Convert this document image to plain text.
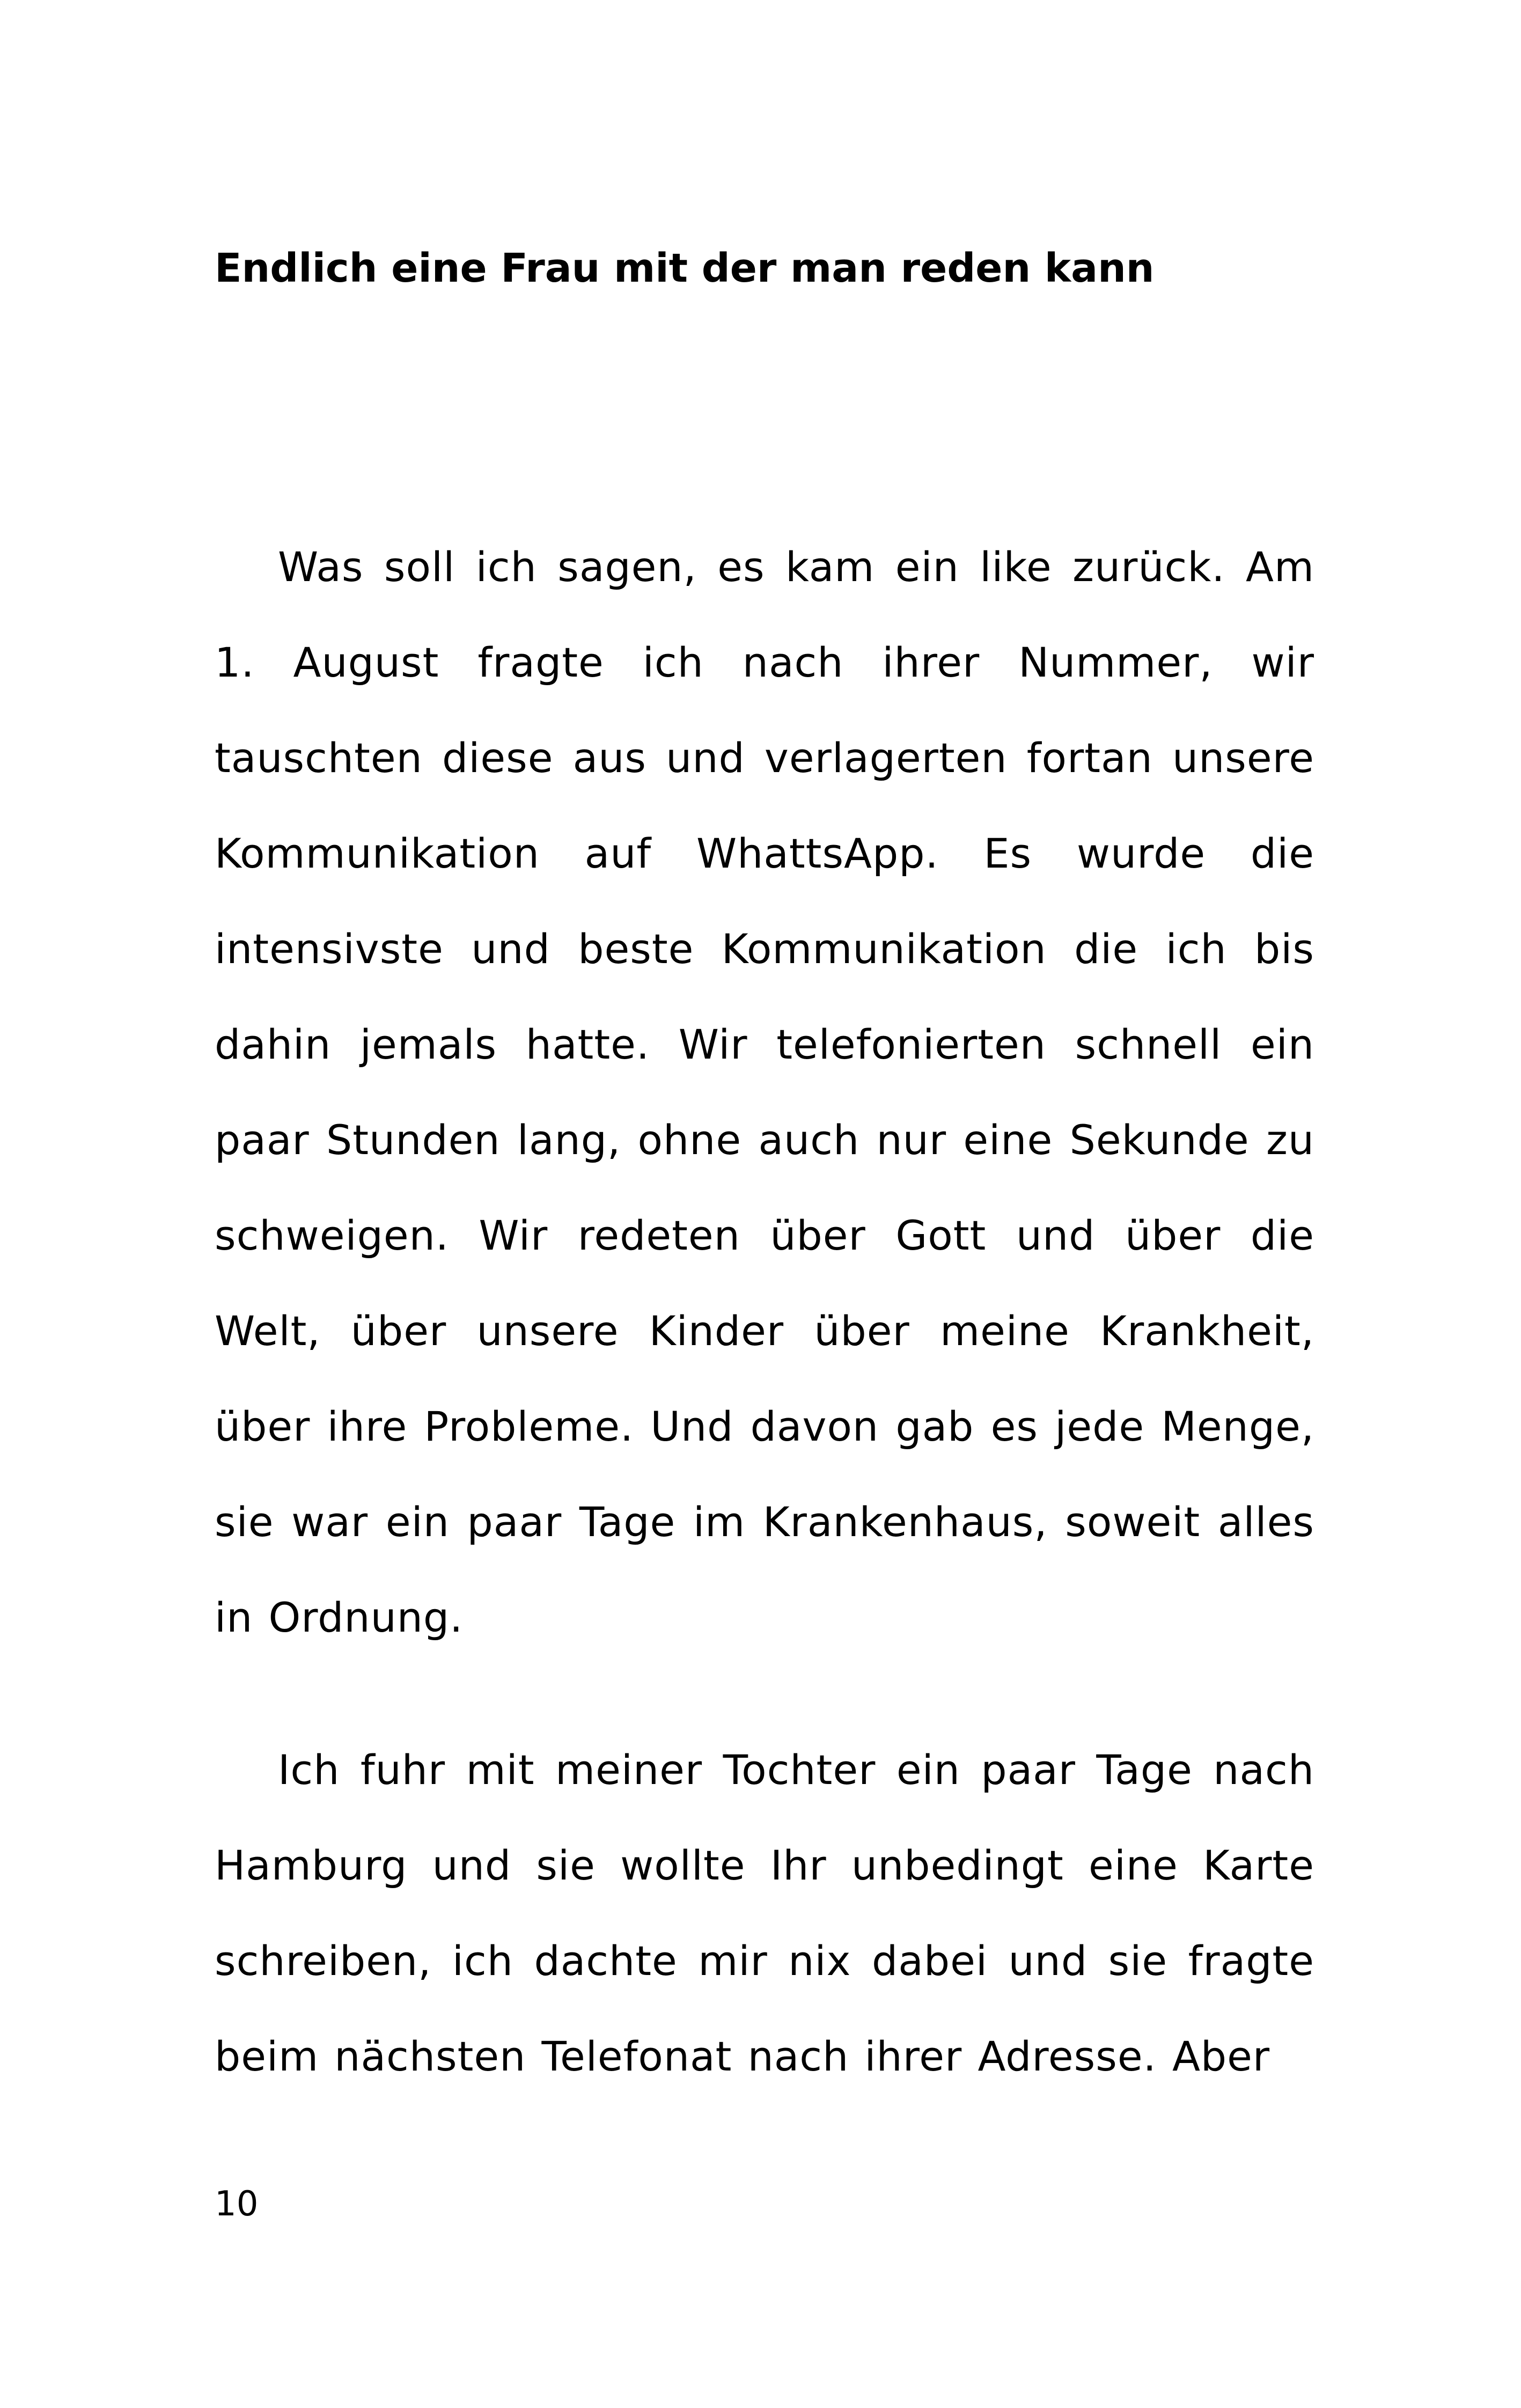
Endlich eine Frau mit der man reden kann

Was soll ich sagen, es kam ein like zurück. Am 1. August fragte ich nach ihrer Nummer, wir tauschten diese aus und verlagerten fortan unsere Kommunikation auf WhattsApp. Es wurde die intensivste und beste Kommunikation die ich bis dahin jemals hatte. Wir telefonierten schnell ein paar Stunden lang, ohne auch nur eine Sekunde zu schweigen. Wir redeten über Gott und über die Welt, über unsere Kinder über meine Krankheit, über ihre Probleme. Und davon gab es jede Menge, sie war ein paar Tage im Krankenhaus, soweit alles in Ordnung.

Ich fuhr mit meiner Tochter ein paar Tage nach Hamburg und sie wollte Ihr unbedingt eine Karte schreiben, ich dachte mir nix dabei und sie fragte beim nächsten Telefonat nach ihrer Adresse. Aber

10
